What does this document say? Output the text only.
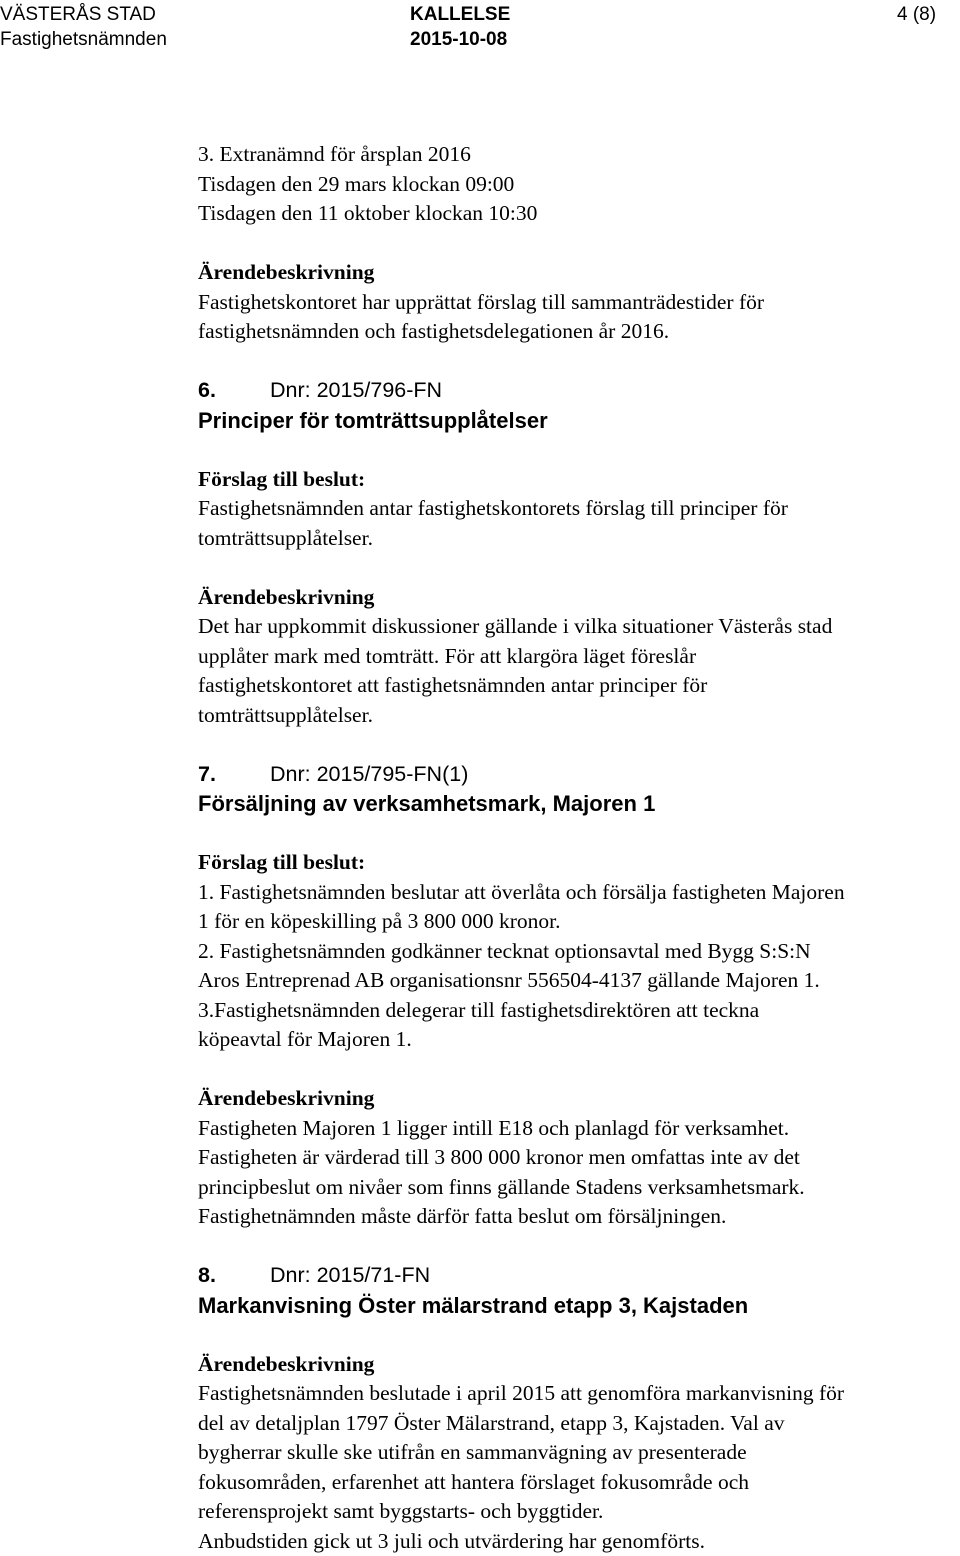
VÄSTERÅS STAD
Fastighetsnämnden
KALLELSE
2015-10-08
4 (8)
3. Extranämnd för årsplan 2016
Tisdagen den 29 mars klockan 09:00
Tisdagen den 11 oktober klockan 10:30
Ärendebeskrivning
Fastighetskontoret har upprättat förslag till sammanträdestider för
fastighetsnämnden och fastighetsdelegationen år 2016.
6.	Dnr: 2015/796-FN
Principer för tomträttsupplåtelser
Förslag till beslut:
Fastighetsnämnden antar fastighetskontorets förslag till principer för
tomträttsupplåtelser.
Ärendebeskrivning
Det har uppkommit diskussioner gällande i vilka situationer Västerås stad
upplåter mark med tomträtt. För att klargöra läget föreslår
fastighetskontoret att fastighetsnämnden antar principer för
tomträttsupplåtelser.
7.	Dnr: 2015/795-FN(1)
Försäljning av verksamhetsmark, Majoren 1
Förslag till beslut:
1. Fastighetsnämnden beslutar att överlåta och försälja fastigheten Majoren
1 för en köpeskilling på 3 800 000 kronor.
2. Fastighetsnämnden godkänner tecknat optionsavtal med Bygg S:S:N
Aros Entreprenad AB organisationsnr 556504-4137 gällande Majoren 1.
3.Fastighetsnämnden delegerar till fastighetsdirektören att teckna
köpeavtal för Majoren 1.
Ärendebeskrivning
Fastigheten Majoren 1 ligger intill E18 och planlagd för verksamhet.
Fastigheten är värderad till 3 800 000 kronor men omfattas inte av det
principbeslut om nivåer som finns gällande Stadens verksamhetsmark.
Fastighetnämnden måste därför fatta beslut om försäljningen.
8.	Dnr: 2015/71-FN
Markanvisning Öster mälarstrand etapp 3, Kajstaden
Ärendebeskrivning
Fastighetsnämnden beslutade i april 2015 att genomföra markanvisning för
del av detaljplan 1797 Öster Mälarstrand, etapp 3, Kajstaden. Val av
bygherrar skulle ske utifrån en sammanvägning av presenterade
fokusområden, erfarenhet att hantera förslaget fokusområde och
referensprojekt samt byggstarts- och byggtider.
Anbudstiden gick ut 3 juli och utvärdering har genomförts.
